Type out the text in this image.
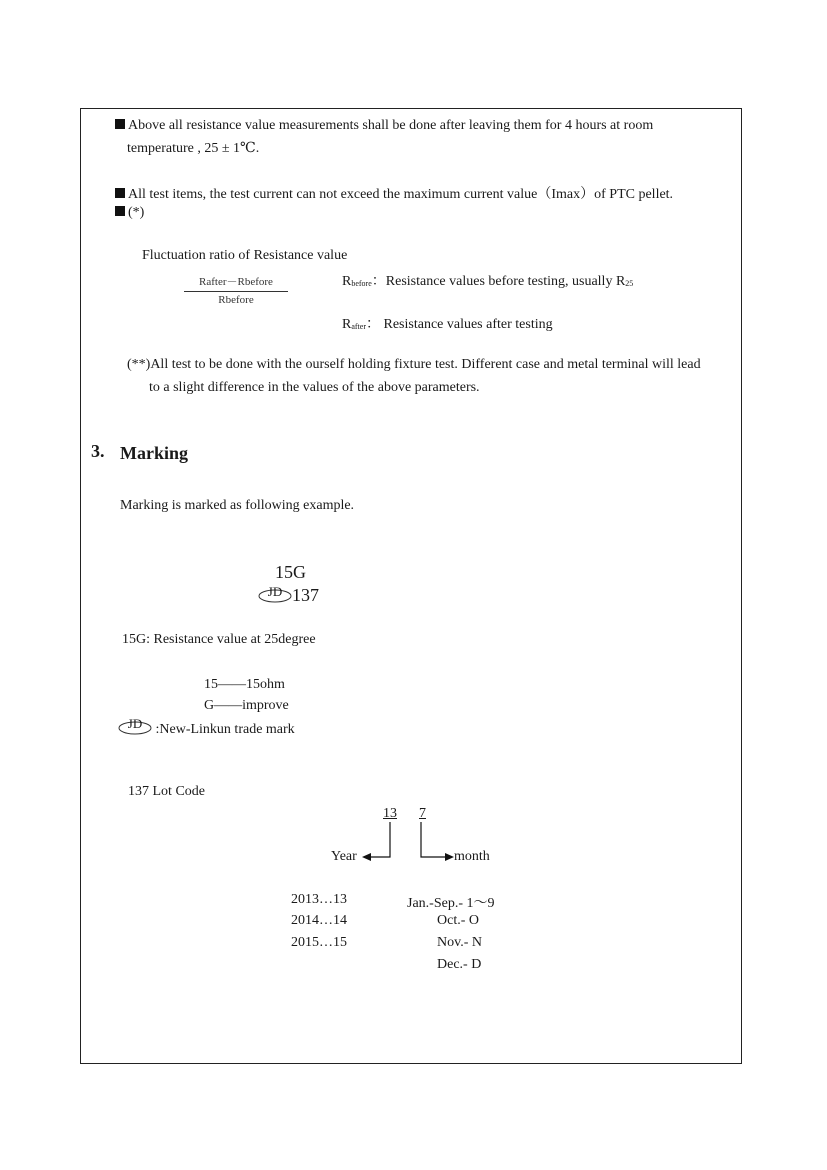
Above all resistance value measurements shall be done after leaving them for 4 hours at room
temperature , 25 ± 1℃.
All test items, the test current can not exceed the maximum current value（Imax）of PTC pellet.
(*)
Fluctuation ratio of Resistance value
Rafter－Rbefore
Rbefore
Rbefore：Resistance values before testing, usually R25
Rafter： Resistance values after testing
(**)All test to be done with the ourself holding fixture test. Different case and metal terminal will lead
to a slight difference in the values of the above parameters.
3. Marking
Marking is marked as following example.
15G
JD 137
15G: Resistance value at 25degree
15——15ohm
G——improve
JD :New-Linkun trade mark
137 Lot Code
13 7
Year	month
2013…13
2014…14
2015…15
Jan.-Sep.- 1～9
Oct.- O
Nov.- N
Dec.- D
